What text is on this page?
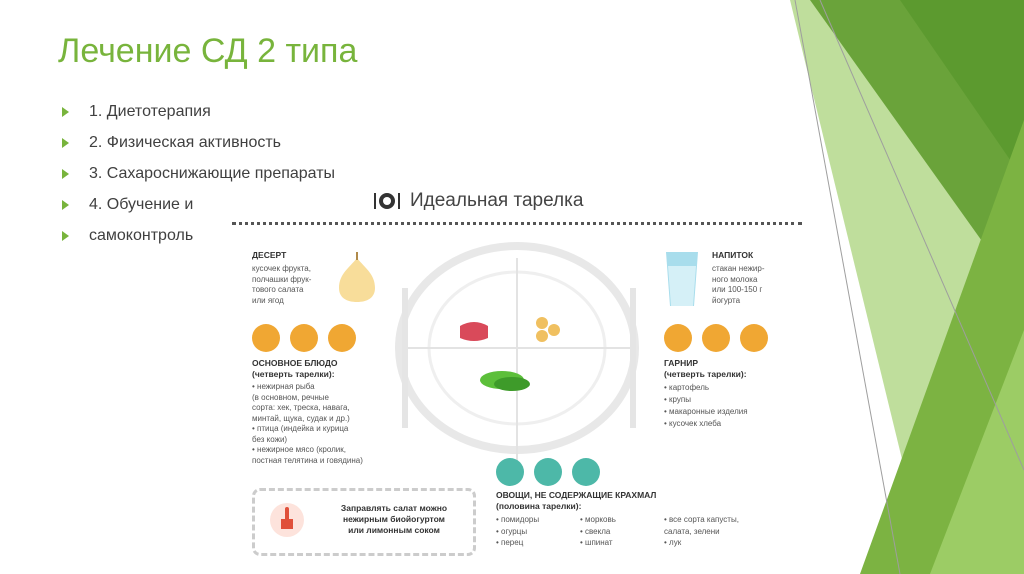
Лечение СД 2 типа
1. Диетотерапия
2. Физическая активность
3. Сахароснижающие препараты
4. Обучение и
самоконтроль
Идеальная тарелка
ДЕСЕРТ
кусочек фрукта,
полчашки фрук-
тового салата
или ягод
НАПИТОК
стакан нежир-
ного молока
или 100-150 г
йогурта
ОСНОВНОЕ БЛЮДО
(четверть тарелки):
• нежирная рыба
(в основном, речные
сорта: хек, треска, навага,
минтай, щука, судак и др.)
• птица (индейка и курица
без кожи)
• нежирное мясо (кролик,
постная телятина и говядина)
ГАРНИР
(четверть тарелки):
• картофель
• крупы
• макаронные изделия
• кусочек хлеба
ОВОЩИ, НЕ СОДЕРЖАЩИЕ КРАХМАЛ
(половина тарелки):
• помидоры
• огурцы
• перец
• морковь
• свекла
• шпинат
• все сорта капусты,
салата, зелени
• лук
Заправлять салат можно
нежирным биойогуртом
или лимонным соком
